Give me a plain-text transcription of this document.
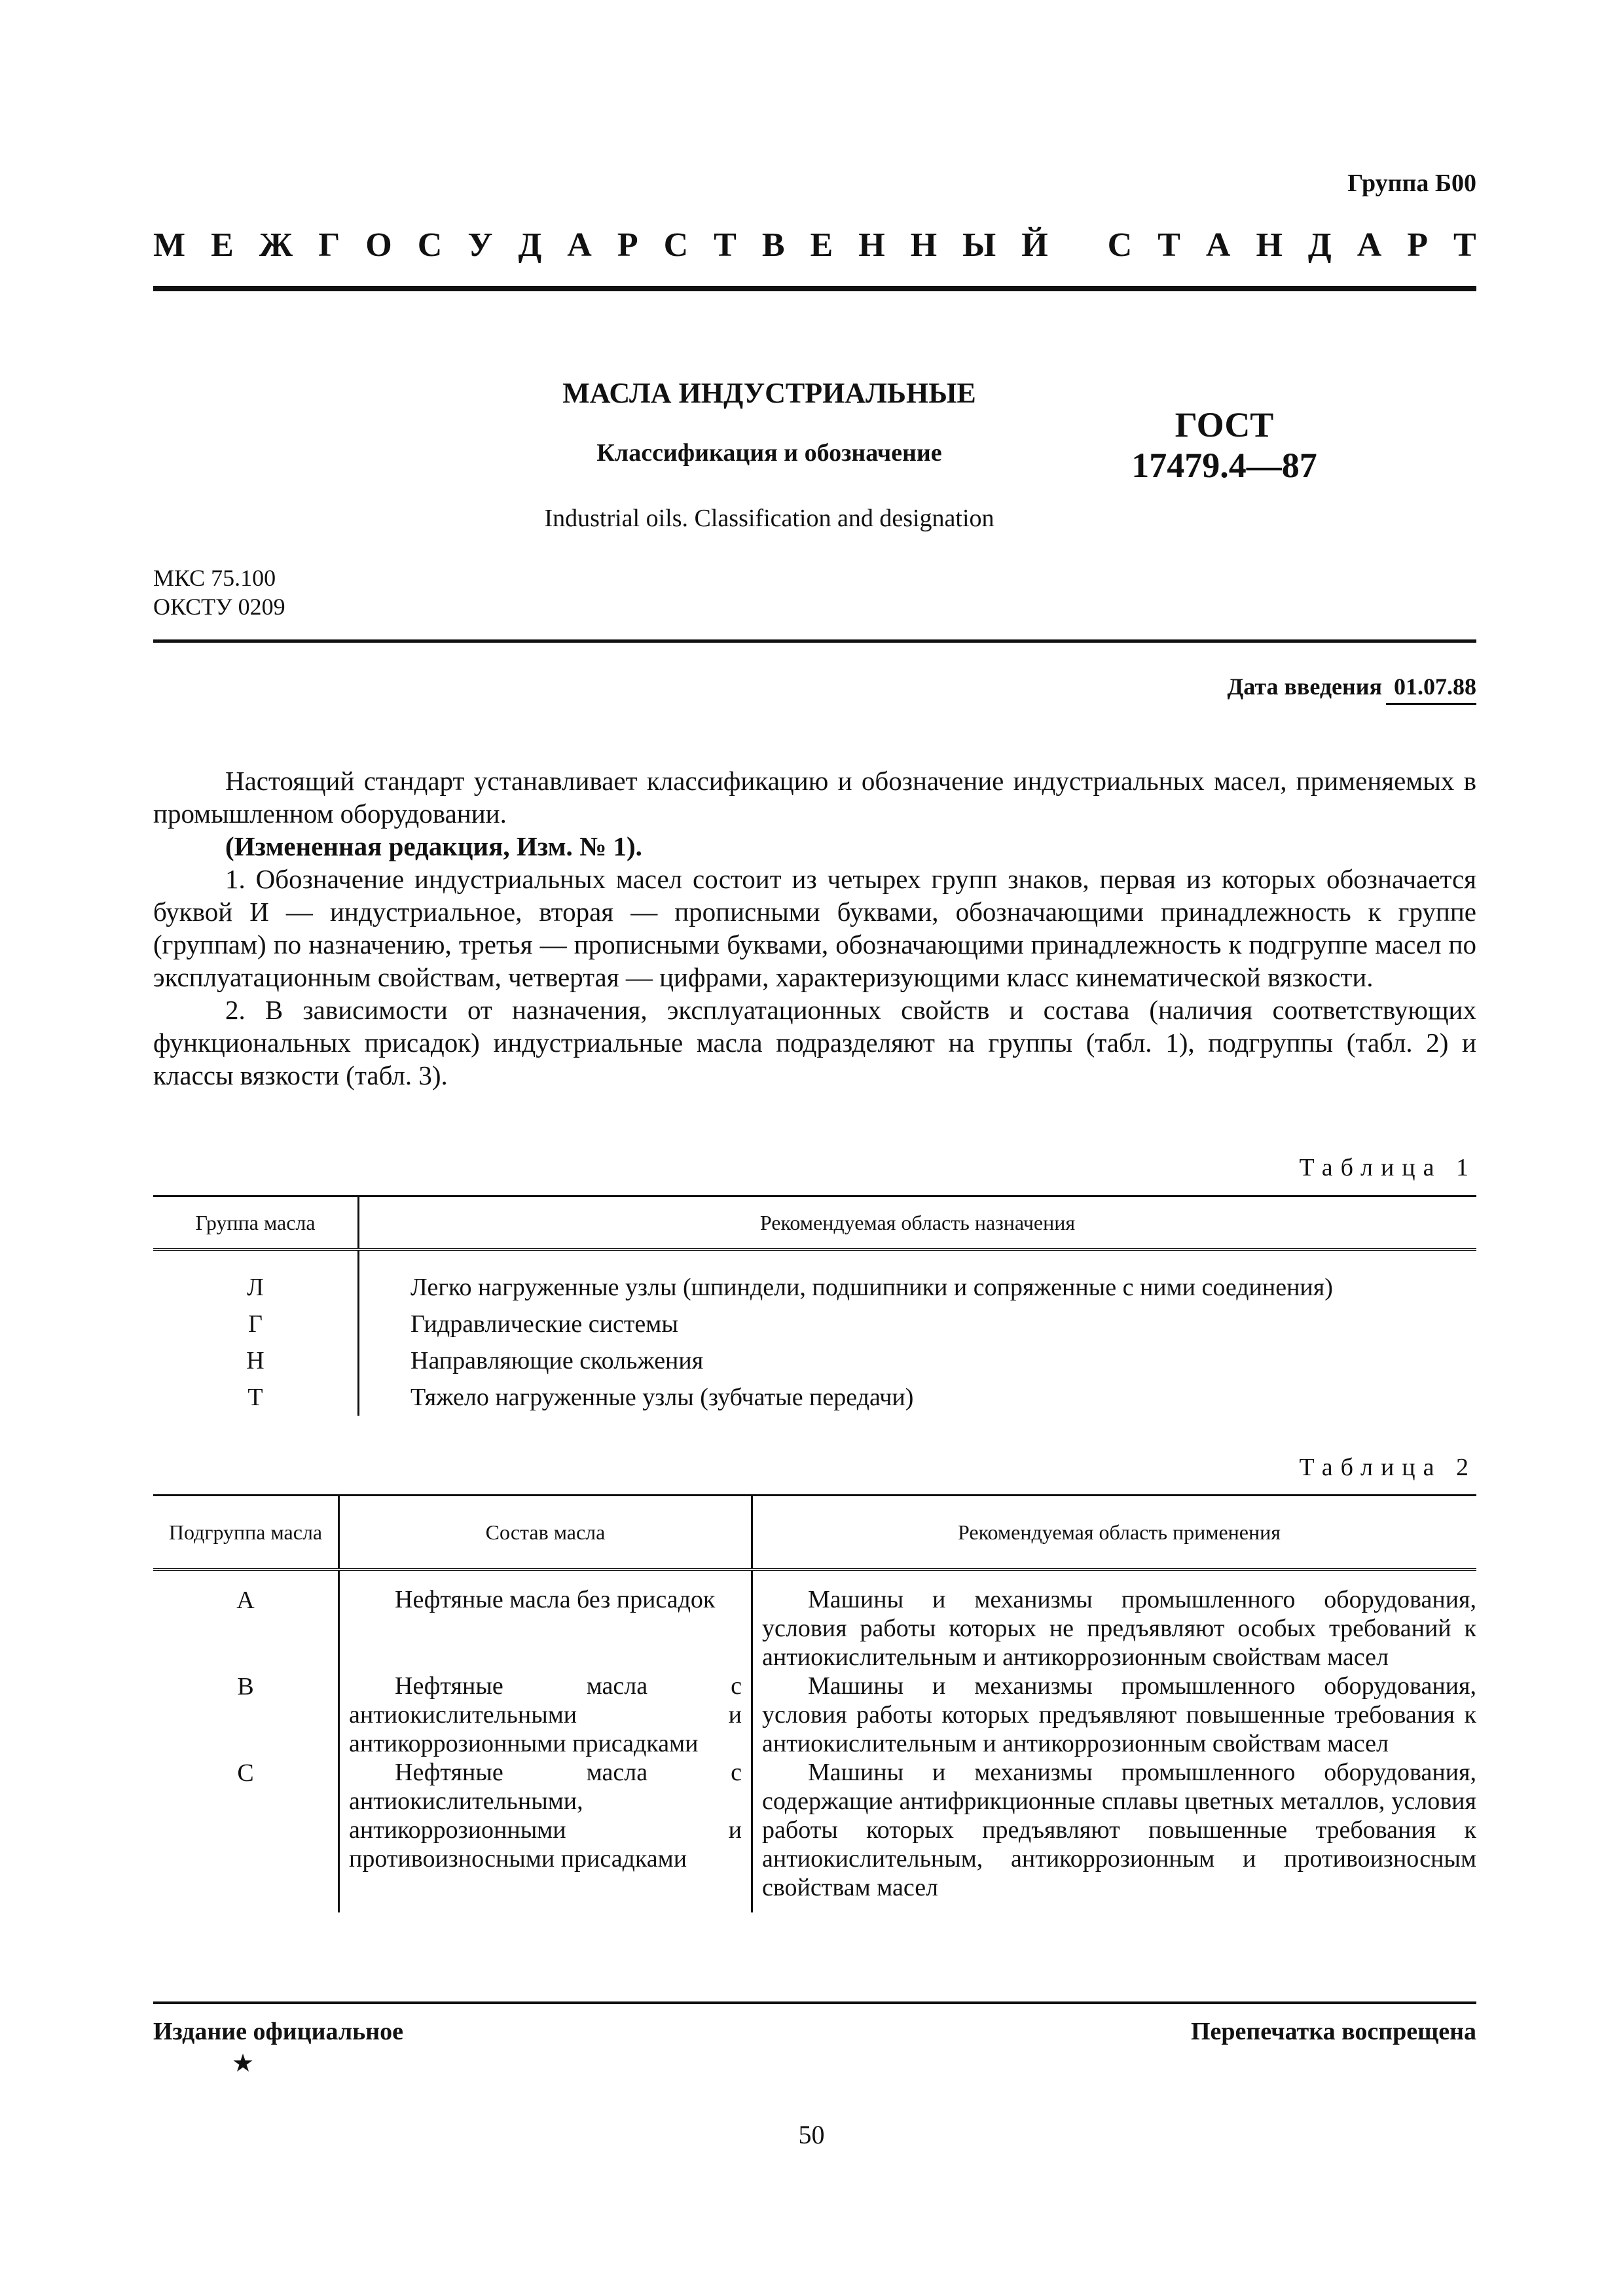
Группа Б00
М Е Ж Г О С У Д А Р С Т В Е Н Н Ы Й
С Т А Н Д А Р Т
МАСЛА ИНДУСТРИАЛЬНЫЕ
Классификация и обозначение
Industrial oils. Classification and designation
ГОСТ
17479.4—87
МКС 75.100
ОКСТУ 0209
Дата введения 01.07.88

Настоящий стандарт устанавливает классификацию и обозначение индустриальных масел, применяемых в промышленном оборудовании.

(Измененная редакция, Изм. № 1).

1. Обозначение индустриальных масел состоит из четырех групп знаков, первая из которых обозначается буквой И — индустриальное, вторая — прописными буквами, обозначающими принадлежность к группе (группам) по назначению, третья — прописными буквами, обозначающими принадлежность к подгруппе масел по эксплуатационным свойствам, четвертая — цифрами, характеризующими класс кинематической вязкости.

2. В зависимости от назначения, эксплуатационных свойств и состава (наличия соответствующих функциональных присадок) индустриальные масла подразделяют на группы (табл. 1), подгруппы (табл. 2) и классы вязкости (табл. 3).

Таблица 1
Группа масла	Рекомендуемая область назначения

Л	Легко нагруженные узлы (шпиндели, подшипники и сопряженные с ними соединения)
Г	Гидравлические системы
Н	Направляющие скольжения
Т	Тяжело нагруженные узлы (зубчатые передачи)
Таблица 2
Подгруппа масла	Состав масла	Рекомендуемая область применения

А	Нефтяные масла без присадок	Машины и механизмы промышленного оборудования, условия работы которых не предъявляют особых требований к антиокислительным и антикоррозионным свойствам масел
В	Нефтяные масла с антиокислительными и антикоррозионными присадками	Машины и механизмы промышленного оборудования, условия работы которых предъявляют повышенные требования к антиокислительным и антикоррозионным свойствам масел
С	Нефтяные масла с антиокислительными, антикоррозионными и противоизносными присадками	Машины и механизмы промышленного оборудования, содержащие антифрикционные сплавы цветных металлов, условия работы которых предъявляют повышенные требования к антиокислительным, антикоррозионным и противоизносным свойствам масел

Издание официальное
★
Перепечатка воспрещена
50
